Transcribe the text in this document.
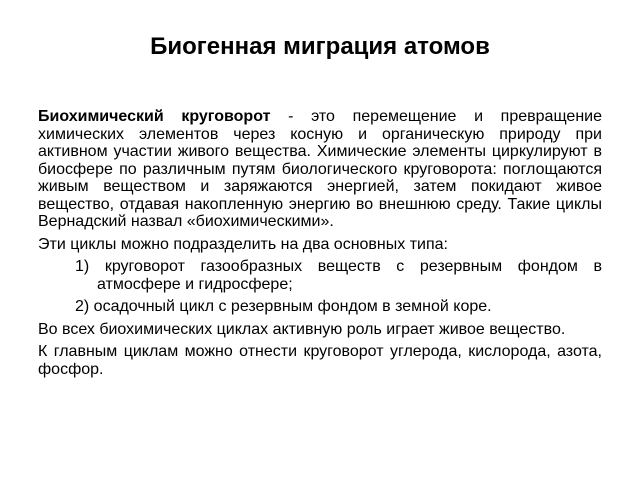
Биогенная миграция атомов

Биохимический круговорот - это перемещение и превращение химических элементов через косную и органическую природу при активном участии живого вещества. Химические элементы циркулируют в биосфере по различным путям биологического круговорота: поглощаются живым веществом и заряжаются энергией, затем покидают живое вещество, отдавая накопленную энергию во внешнюю среду. Такие циклы Вернадский назвал «биохимическими».

Эти циклы можно подразделить на два основных типа:

1) круговорот газообразных веществ с резервным фондом в атмосфере и гидросфере;
2) осадочный цикл с резервным фондом в земной коре.

Во всех биохимических циклах активную роль играет живое вещество.

К главным циклам можно отнести круговорот углерода, кислорода, азота, фосфор.
